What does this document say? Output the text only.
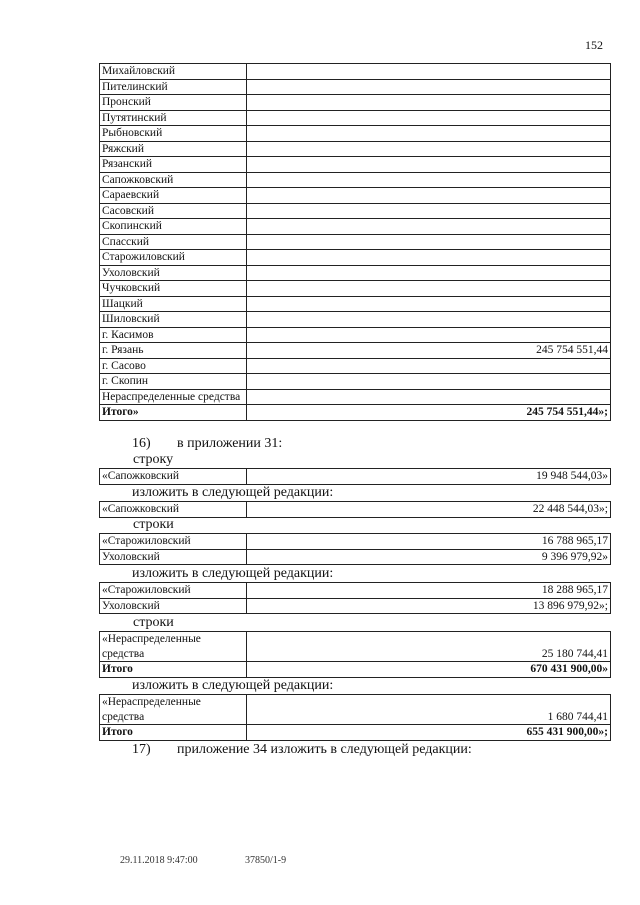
152
Михайловский	
Пителинский	
Пронский	
Путятинский	
Рыбновский	
Ряжский	
Рязанский	
Сапожковский	
Сараевский	
Сасовский	
Скопинский	
Спасский	
Старожиловский	
Ухоловский	
Чучковский	
Шацкий	
Шиловский	
г. Касимов	
г. Рязань	245 754 551,44
г. Сасово	
г. Скопин	
Нераспределенные средства	
Итого»	245 754 551,44»;
16) в приложении 31:
строку
«Сапожковский	19 948 544,03»
изложить в следующей редакции:
«Сапожковский	22 448 544,03»;
строки
«Старожиловский	16 788 965,17
Ухоловский	9 396 979,92»
изложить в следующей редакции:
«Старожиловский	18 288 965,17
Ухоловский	13 896 979,92»;
строки
«Нераспределенные средства	25 180 744,41
Итого	670 431 900,00»
изложить в следующей редакции:
«Нераспределенные средства	1 680 744,41
Итого	655 431 900,00»;
17) приложение 34 изложить в следующей редакции:
29.11.2018 9:47:00	37850/1-9
